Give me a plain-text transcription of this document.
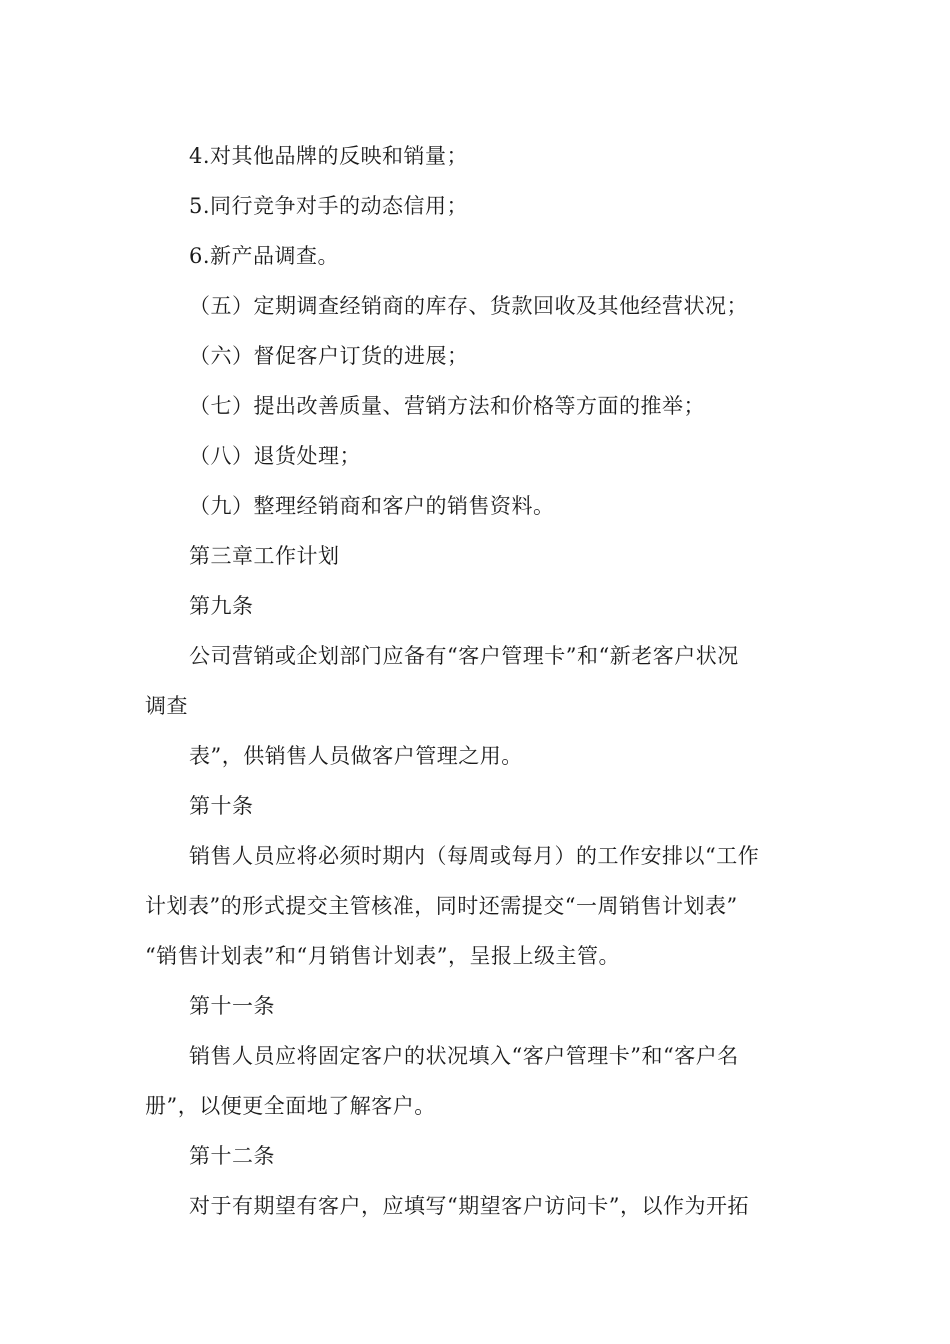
4.对其他品牌的反映和销量；
5.同行竞争对手的动态信用；
6.新产品调查。
（五）定期调查经销商的库存、货款回收及其他经营状况；
（六）督促客户订货的进展；
（七）提出改善质量、营销方法和价格等方面的推举；
（八）退货处理；
（九）整理经销商和客户的销售资料。
第三章工作计划
第九条
公司营销或企划部门应备有“客户管理卡”和“新老客户状况
调查
表”，供销售人员做客户管理之用。
第十条
销售人员应将必须时期内（每周或每月）的工作安排以“工作
计划表”的形式提交主管核准，同时还需提交“一周销售计划表”
“销售计划表”和“月销售计划表”，呈报上级主管。
第十一条
销售人员应将固定客户的状况填入“客户管理卡”和“客户名
册”，以便更全面地了解客户。
第十二条
对于有期望有客户，应填写“期望客户访问卡”，以作为开拓
